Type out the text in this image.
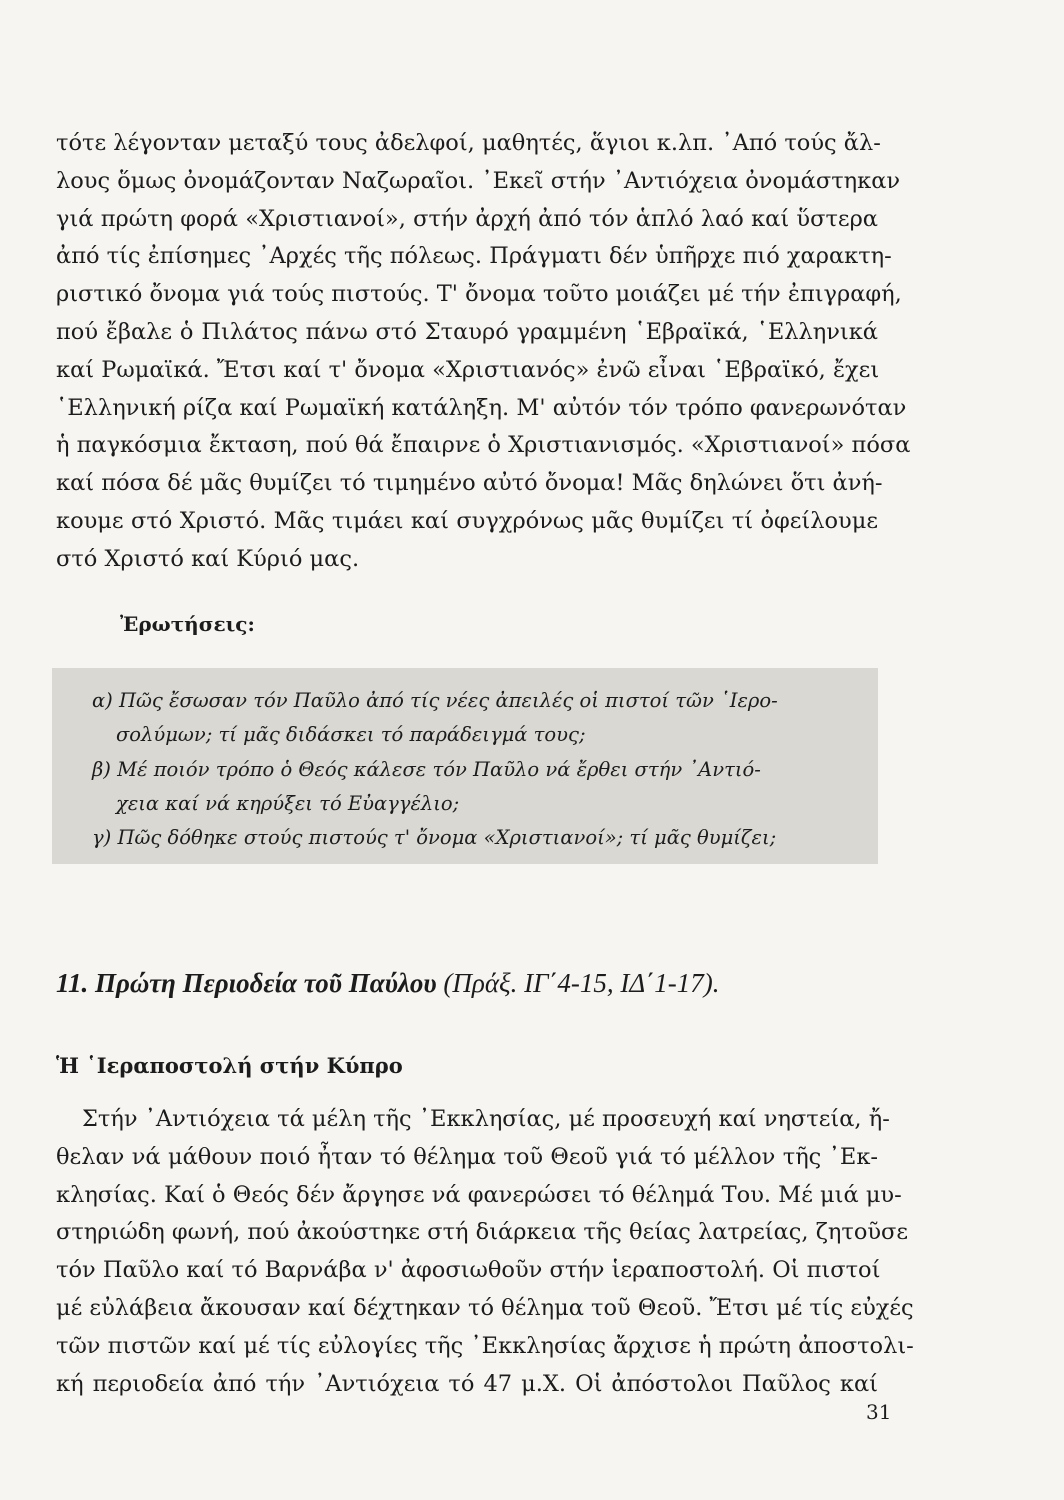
τότε λέγονταν μεταξύ τους ἀδελφοί, μαθητές, ἅγιοι κ.λπ. ᾿Από τούς ἄλ-
λους ὅμως ὀνομάζονταν Ναζωραῖοι. ᾿Εκεῖ στήν ᾿Αντιόχεια ὀνομάστηκαν
γιά πρώτη φορά «Χριστιανοί», στήν ἀρχή ἀπό τόν ἁπλό λαό καί ὕστερα
ἀπό τίς ἐπίσημες ᾿Αρχές τῆς πόλεως. Πράγματι δέν ὑπῆρχε πιό χαρακτη-
ριστικό ὄνομα γιά τούς πιστούς. Τ' ὄνομα τοῦτο μοιάζει μέ τήν ἐπιγραφή,
πού ἔβαλε ὁ Πιλάτος πάνω στό Σταυρό γραμμένη ῾Εβραϊκά, ῾Ελληνικά
καί Ρωμαϊκά. Ἔτσι καί τ' ὄνομα «Χριστιανός» ἐνῶ εἶναι ῾Εβραϊκό, ἔχει
῾Ελληνική ρίζα καί Ρωμαϊκή κατάληξη. Μ' αὐτόν τόν τρόπο φανερωνόταν
ἡ παγκόσμια ἔκταση, πού θά ἔπαιρνε ὁ Χριστιανισμός. «Χριστιανοί» πόσα
καί πόσα δέ μᾶς θυμίζει τό τιμημένο αὐτό ὄνομα! Μᾶς δηλώνει ὅτι ἀνή-
κουμε στό Χριστό. Μᾶς τιμάει καί συγχρόνως μᾶς θυμίζει τί ὀφείλουμε
στό Χριστό καί Κύριό μας.

Ἐρωτήσεις:

α) Πῶς ἔσωσαν τόν Παῦλο ἀπό τίς νέες ἀπειλές οἱ πιστοί τῶν ῾Ιερο-
σολύμων; τί μᾶς διδάσκει τό παράδειγμά τους;
β) Μέ ποιόν τρόπο ὁ Θεός κάλεσε τόν Παῦλο νά ἔρθει στήν ᾿Αντιό-
χεια καί νά κηρύξει τό Εὐαγγέλιο;
γ) Πῶς δόθηκε στούς πιστούς τ' ὄνομα «Χριστιανοί»; τί μᾶς θυμίζει;
11. Πρώτη Περιοδεία τοῦ Παύλου (Πράξ. ΙΓ΄4-15, ΙΔ΄1-17).
Ἡ ῾Ιεραποστολή στήν Κύπρο
Στήν ᾿Αντιόχεια τά μέλη τῆς ᾿Εκκλησίας, μέ προσευχή καί νηστεία, ἤ-
θελαν νά μάθουν ποιό ἦταν τό θέλημα τοῦ Θεοῦ γιά τό μέλλον τῆς ᾿Εκ-
κλησίας. Καί ὁ Θεός δέν ἄργησε νά φανερώσει τό θέλημά Του. Μέ μιά μυ-
στηριώδη φωνή, πού ἀκούστηκε στή διάρκεια τῆς θείας λατρείας, ζητοῦσε
τόν Παῦλο καί τό Βαρνάβα ν' ἀφοσιωθοῦν στήν ἱεραποστολή. Οἱ πιστοί
μέ εὐλάβεια ἄκουσαν καί δέχτηκαν τό θέλημα τοῦ Θεοῦ. Ἔτσι μέ τίς εὐχές
τῶν πιστῶν καί μέ τίς εὐλογίες τῆς ᾿Εκκλησίας ἄρχισε ἡ πρώτη ἀποστολι-
κή περιοδεία ἀπό τήν ᾿Αντιόχεια τό 47 μ.Χ. Οἱ ἀπόστολοι Παῦλος καί

31
